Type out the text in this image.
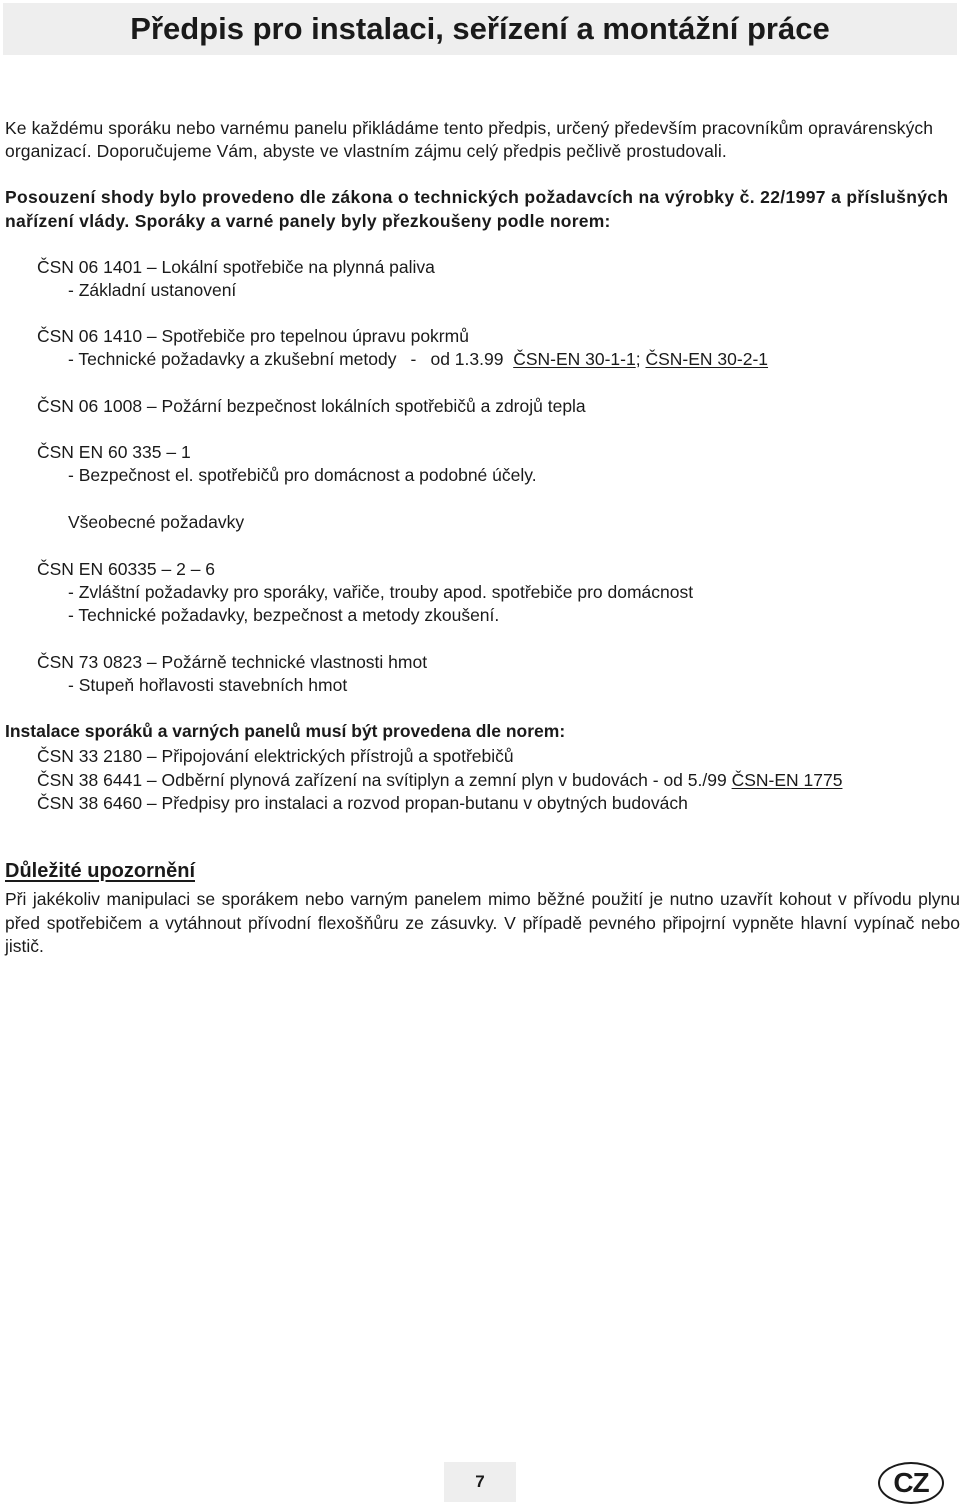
Předpis pro instalaci, seřízení a montážní práce

Ke každému sporáku nebo varnému panelu přikládáme tento předpis, určený především pracovníkům opravárenských organizací. Doporučujeme Vám, abyste ve vlastním zájmu celý předpis pečlivě prostudovali.

Posouzení shody bylo provedeno dle zákona o technických požadavcích na výrobky č. 22/1997 a příslušných nařízení vlády. Sporáky a varné panely byly přezkoušeny podle norem:

ČSN 06 1401 – Lokální spotřebiče na plynná paliva

- Základní ustanovení

ČSN 06 1410 – Spotřebiče pro tepelnou úpravu pokrmů

- Technické požadavky a zkušební metody - od 1.3.99 ČSN-EN 30-1-1; ČSN-EN 30-2-1

ČSN 06 1008 – Požární bezpečnost lokálních spotřebičů a zdrojů tepla

ČSN EN 60 335 – 1

- Bezpečnost el. spotřebičů pro domácnost a podobné účely.

Všeobecné požadavky

ČSN EN 60335 – 2 – 6

- Zvláštní požadavky pro sporáky, vařiče, trouby apod. spotřebiče pro domácnost

- Technické požadavky, bezpečnost a metody zkoušení.

ČSN 73 0823 – Požárně technické vlastnosti hmot

- Stupeň hořlavosti stavebních hmot

Instalace sporáků a varných panelů musí být provedena dle norem:
ČSN 33 2180 – Připojování elektrických přístrojů a spotřebičů
ČSN 38 6441 – Odběrní plynová zařízení na svítiplyn a zemní plyn v budovách - od 5./99 ČSN-EN 1775
ČSN 38 6460 – Předpisy pro instalaci a rozvod propan-butanu v obytných budovách
Důležité upozornění

Při jakékoliv manipulaci se sporákem nebo varným panelem mimo běžné použití je nutno uzavřít kohout v přívodu plynu před spotřebičem a vytáhnout přívodní flexošňůru ze zásuvky. V případě pevného připojrní vypněte hlavní vypínač nebo jistič.

7	CZ
